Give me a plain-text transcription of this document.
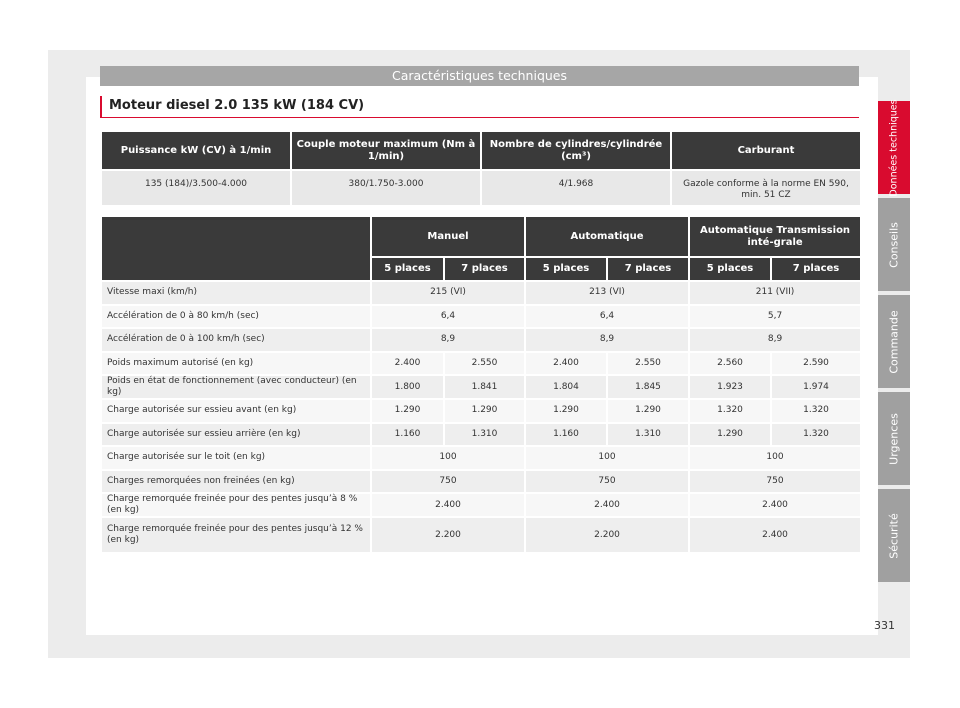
Caractéristiques techniques
Moteur diesel 2.0 135 kW (184 CV)
Puissance kW (CV) à 1/min	Couple moteur maximum (Nm à 1/min)	Nombre de cylindres/cylindrée (cm³)	Carburant
135 (184)/3.500-4.000	380/1.750-3.000	4/1.968	Gazole conforme à la norme EN 590, min. 51 CZ
	Manuel		Automatique		Automatique Transmission inté-grale	
	5 places	7 places	5 places	7 places	5 places	7 places
Vitesse maxi (km/h)	215 (VI)		213 (VI)		211 (VII)	
Accélération de 0 à 80 km/h (sec)	6,4		6,4		5,7	
Accélération de 0 à 100 km/h (sec)	8,9		8,9		8,9	
Poids maximum autorisé (en kg)	2.400	2.550	2.400	2.550	2.560	2.590
Poids en état de fonctionnement (avec conducteur) (en kg)	1.800	1.841	1.804	1.845	1.923	1.974
Charge autorisée sur essieu avant (en kg)	1.290	1.290	1.290	1.290	1.320	1.320
Charge autorisée sur essieu arrière (en kg)	1.160	1.310	1.160	1.310	1.290	1.320
Charge autorisée sur le toit (en kg)	100		100		100	
Charges remorquées non freinées (en kg)	750		750		750	
Charge remorquée freinée pour des pentes jusqu’à 8 % (en kg)	2.400		2.400		2.400	
Charge remorquée freinée pour des pentes jusqu’à 12 % (en kg)	2.200		2.200		2.400	
Données techniques
Conseils
Commande
Urgences
Sécurité
331
